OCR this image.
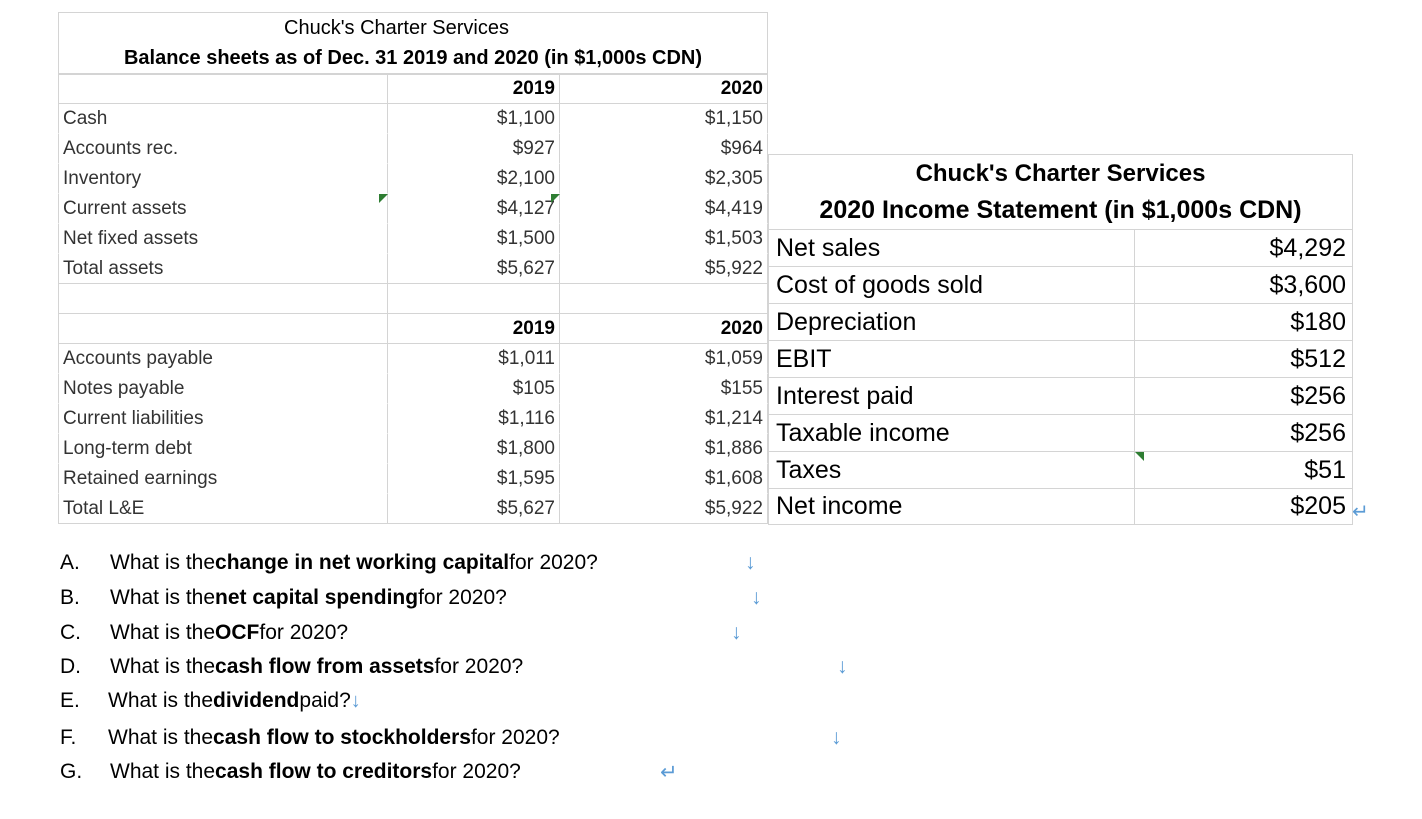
Chuck's Charter Services
Balance sheets as of Dec. 31 2019 and 2020 (in $1,000s CDN)
2019	2020
Cash	$1,100	$1,150
Accounts rec.	$927	$964
Inventory	$2,100	$2,305
Current assets	$4,127	$4,419
Net fixed assets	$1,500	$1,503
Total assets	$5,627	$5,922
2019	2020
Accounts payable	$1,011	$1,059
Notes payable	$105	$155
Current liabilities	$1,116	$1,214
Long-term debt	$1,800	$1,886
Retained earnings	$1,595	$1,608
Total L&E	$5,627	$5,922
Chuck's Charter Services
2020 Income Statement (in $1,000s CDN)
Net sales	$4,292
Cost of goods sold	$3,600
Depreciation	$180
EBIT	$512
Interest paid	$256
Taxable income	$256
Taxes	$51
Net income	$205 ↵
A.	What is the change in net working capital for 2020?	↓
B.	What is the net capital spending for 2020?	↓
C.	What is the OCF for 2020?	↓
D.	What is the cash flow from assets for 2020?	↓
E.	What is the dividend paid? ↓
F.	What is the cash flow to stockholders for 2020?	↓
G.	What is the cash flow to creditors for 2020?	↵
